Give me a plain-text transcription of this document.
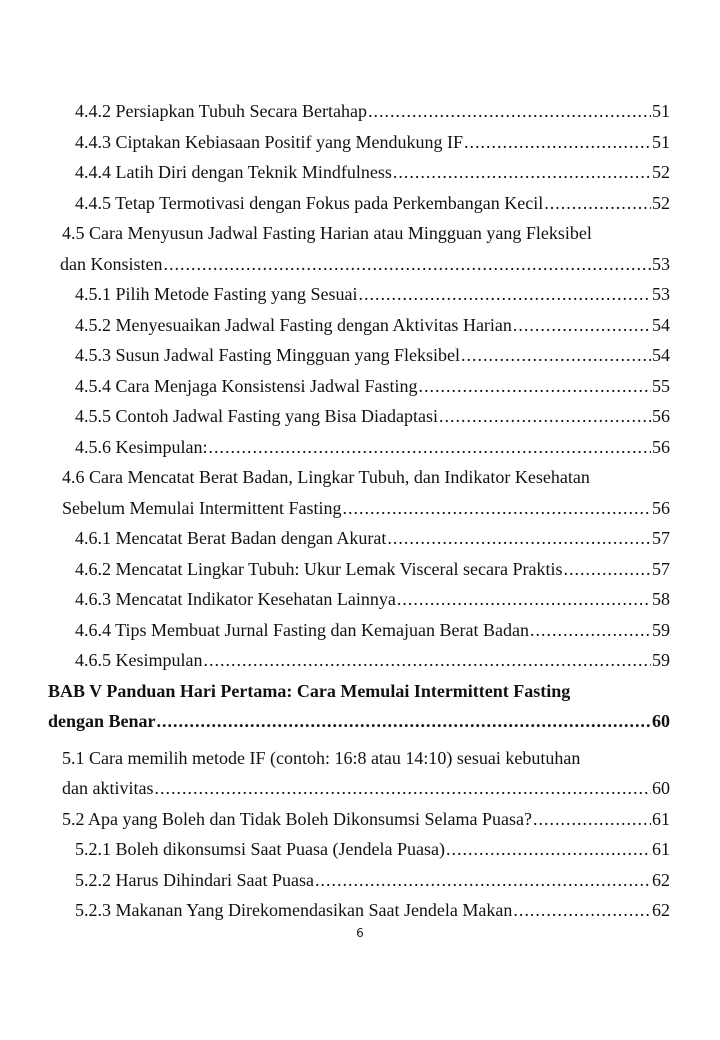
4.4.2 Persiapkan Tubuh Secara Bertahap .....	51
4.4.3 Ciptakan Kebiasaan Positif yang Mendukung IF .....	51
4.4.4 Latih Diri dengan Teknik Mindfulness .....	52
4.4.5 Tetap Termotivasi dengan Fokus pada Perkembangan Kecil .....	52
4.5 Cara Menyusun Jadwal Fasting Harian atau Mingguan yang Fleksibel
dan Konsisten .....	53
4.5.1 Pilih Metode Fasting yang Sesuai .....	53
4.5.2 Menyesuaikan Jadwal Fasting dengan Aktivitas Harian .....	54
4.5.3 Susun Jadwal Fasting Mingguan yang Fleksibel .....	54
4.5.4 Cara Menjaga Konsistensi Jadwal Fasting .....	55
4.5.5 Contoh Jadwal Fasting yang Bisa Diadaptasi .....	56
4.5.6 Kesimpulan: .....	56
4.6 Cara Mencatat Berat Badan, Lingkar Tubuh, dan Indikator Kesehatan
Sebelum Memulai Intermittent Fasting .....	56
4.6.1 Mencatat Berat Badan dengan Akurat .....	57
4.6.2 Mencatat Lingkar Tubuh: Ukur Lemak Visceral secara Praktis .....	57
4.6.3 Mencatat Indikator Kesehatan Lainnya .....	58
4.6.4 Tips Membuat Jurnal Fasting dan Kemajuan Berat Badan .....	59
4.6.5 Kesimpulan .....	59
BAB V Panduan Hari Pertama: Cara Memulai Intermittent Fasting
dengan Benar .....	60
5.1 Cara memilih metode IF (contoh: 16:8 atau 14:10) sesuai kebutuhan
dan aktivitas .....	60
5.2 Apa yang Boleh dan Tidak Boleh Dikonsumsi Selama Puasa? .....	61
5.2.1 Boleh dikonsumsi Saat Puasa (Jendela Puasa) .....	61
5.2.2 Harus Dihindari Saat Puasa .....	62
5.2.3 Makanan Yang Direkomendasikan Saat Jendela Makan .....	62
6
